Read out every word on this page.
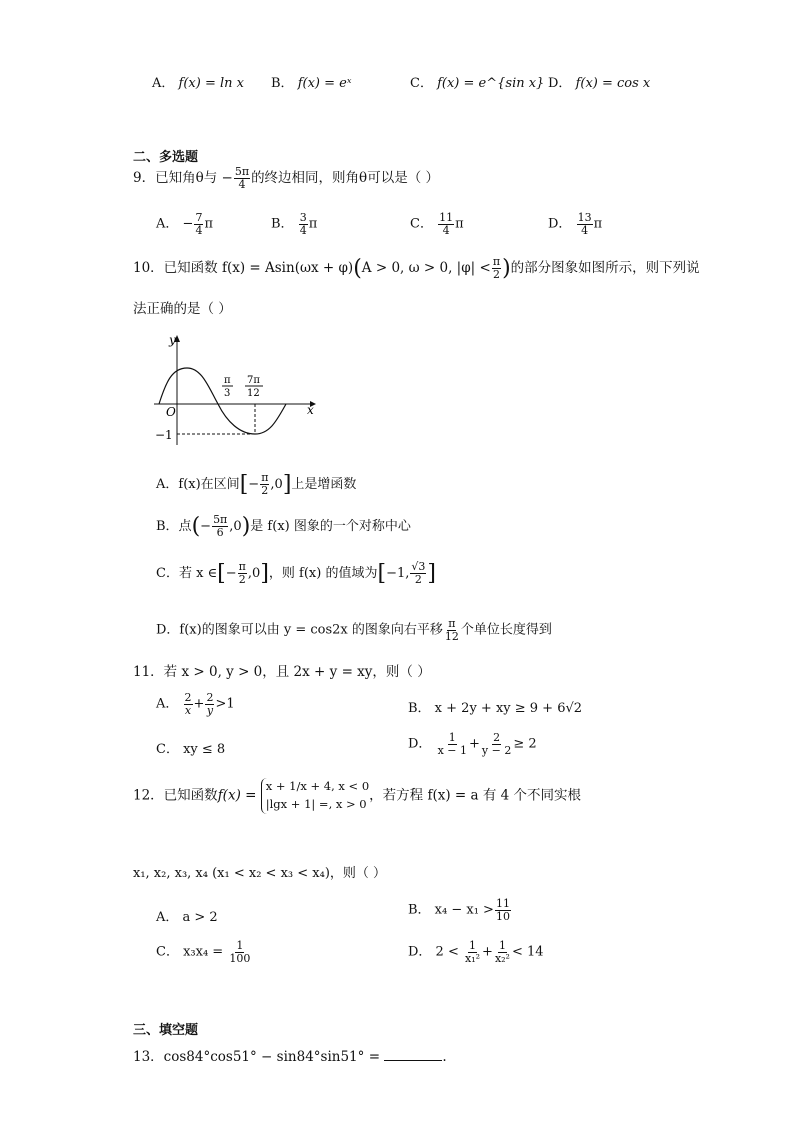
A． f(x) = ln x B． f(x) = eˣ	C． f(x) = e^{sin x} D． f(x) = cos x
二、多选题
9．已知角θ与 − $\frac{5\pi}{4}$ 的终边相同，则角θ可以是（ ）
A． − $\frac{7}{4}$ π	B． $\frac{3}{4}$ π	C． $\frac{11}{4}$ π	D． $\frac{13}{4}$ π
10．已知函数 f(x) = Asin(ωx + φ)(A > 0, ω > 0, $|\varphi| < \frac{\pi}{2}$ )的部分图象如图所示，则下列说
法正确的是（ ）
y
x
O
−1
π
3
7π
12
A．f(x)在区间[− $\frac{\pi}{2} ,0$]上是增函数
B．点(− $\frac{5\pi}{6} ,0$)是 f(x) 图象的一个对称中心
C．若 x ∈[− $\frac{\pi}{2} ,0$]，则 f(x) 的值域为[−1, $\frac{√3}{2}$ ]
D．f(x)的图象可以由 y = cos2x 的图象向右平移 $\frac{\pi}{12}$ 个单位长度得到
11．若 x > 0, y > 0，且 2x + y = xy，则（ ）
A． $\frac{2}{x} + \frac{2}{y} >1$	B． x + 2y + xy ≥ 9 + 6√2
C． xy ≤ 8	D． $\frac{1}{x - 1} + \frac{2}{y - 2} \ge 2$
12．已知函数f(x) =
x + 1/x + 4, x < 0
|lgx + 1| =, x > 0
，若方程 f(x) = a 有 4 个不同实根
x₁, x₂, x₃, x₄ (x₁ < x₂ < x₃ < x₄)，则（ ）
A． a > 2	B． $x_4 - x_1 > \frac{11}{10}$
C． $x_3x_4 = \frac{1}{100}$	D． $2 < \frac{1}{\text{x₁²}} + \frac{1}{\text{x₂²}} < 14$
三、填空题
13．cos84°cos51° − sin84°sin51° =	.
